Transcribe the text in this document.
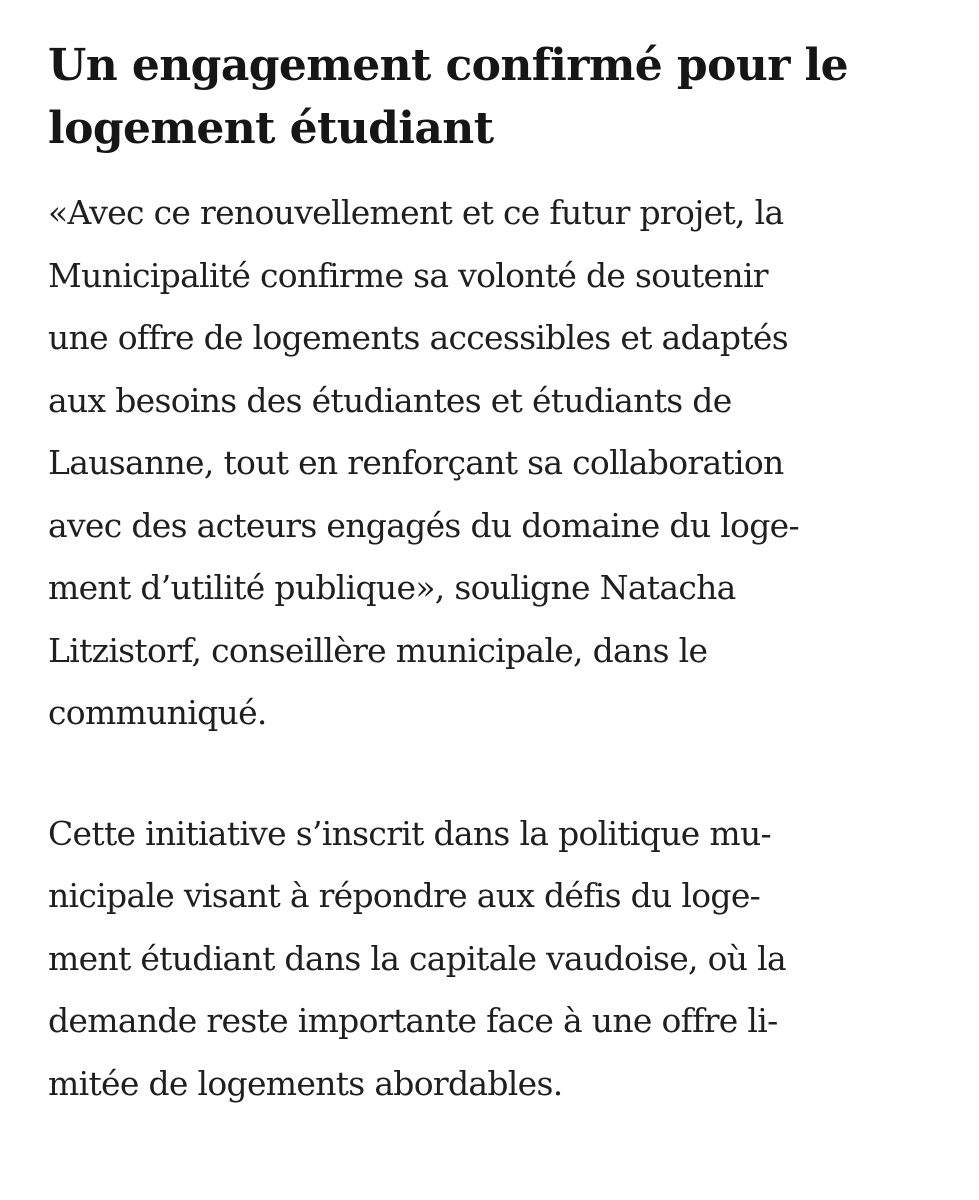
Un engagement confirmé pour le
logement étudiant

«Avec ce renouvellement et ce futur projet, la
Municipalité confirme sa volonté de soutenir
une offre de logements accessibles et adaptés
aux besoins des étudiantes et étudiants de
Lausanne, tout en renforçant sa collaboration
avec des acteurs engagés du domaine du loge-
ment d’utilité publique», souligne Natacha
Litzistorf, conseillère municipale, dans le
communiqué.

Cette initiative s’inscrit dans la politique mu-
nicipale visant à répondre aux défis du loge-
ment étudiant dans la capitale vaudoise, où la
demande reste importante face à une offre li-
mitée de logements abordables.
